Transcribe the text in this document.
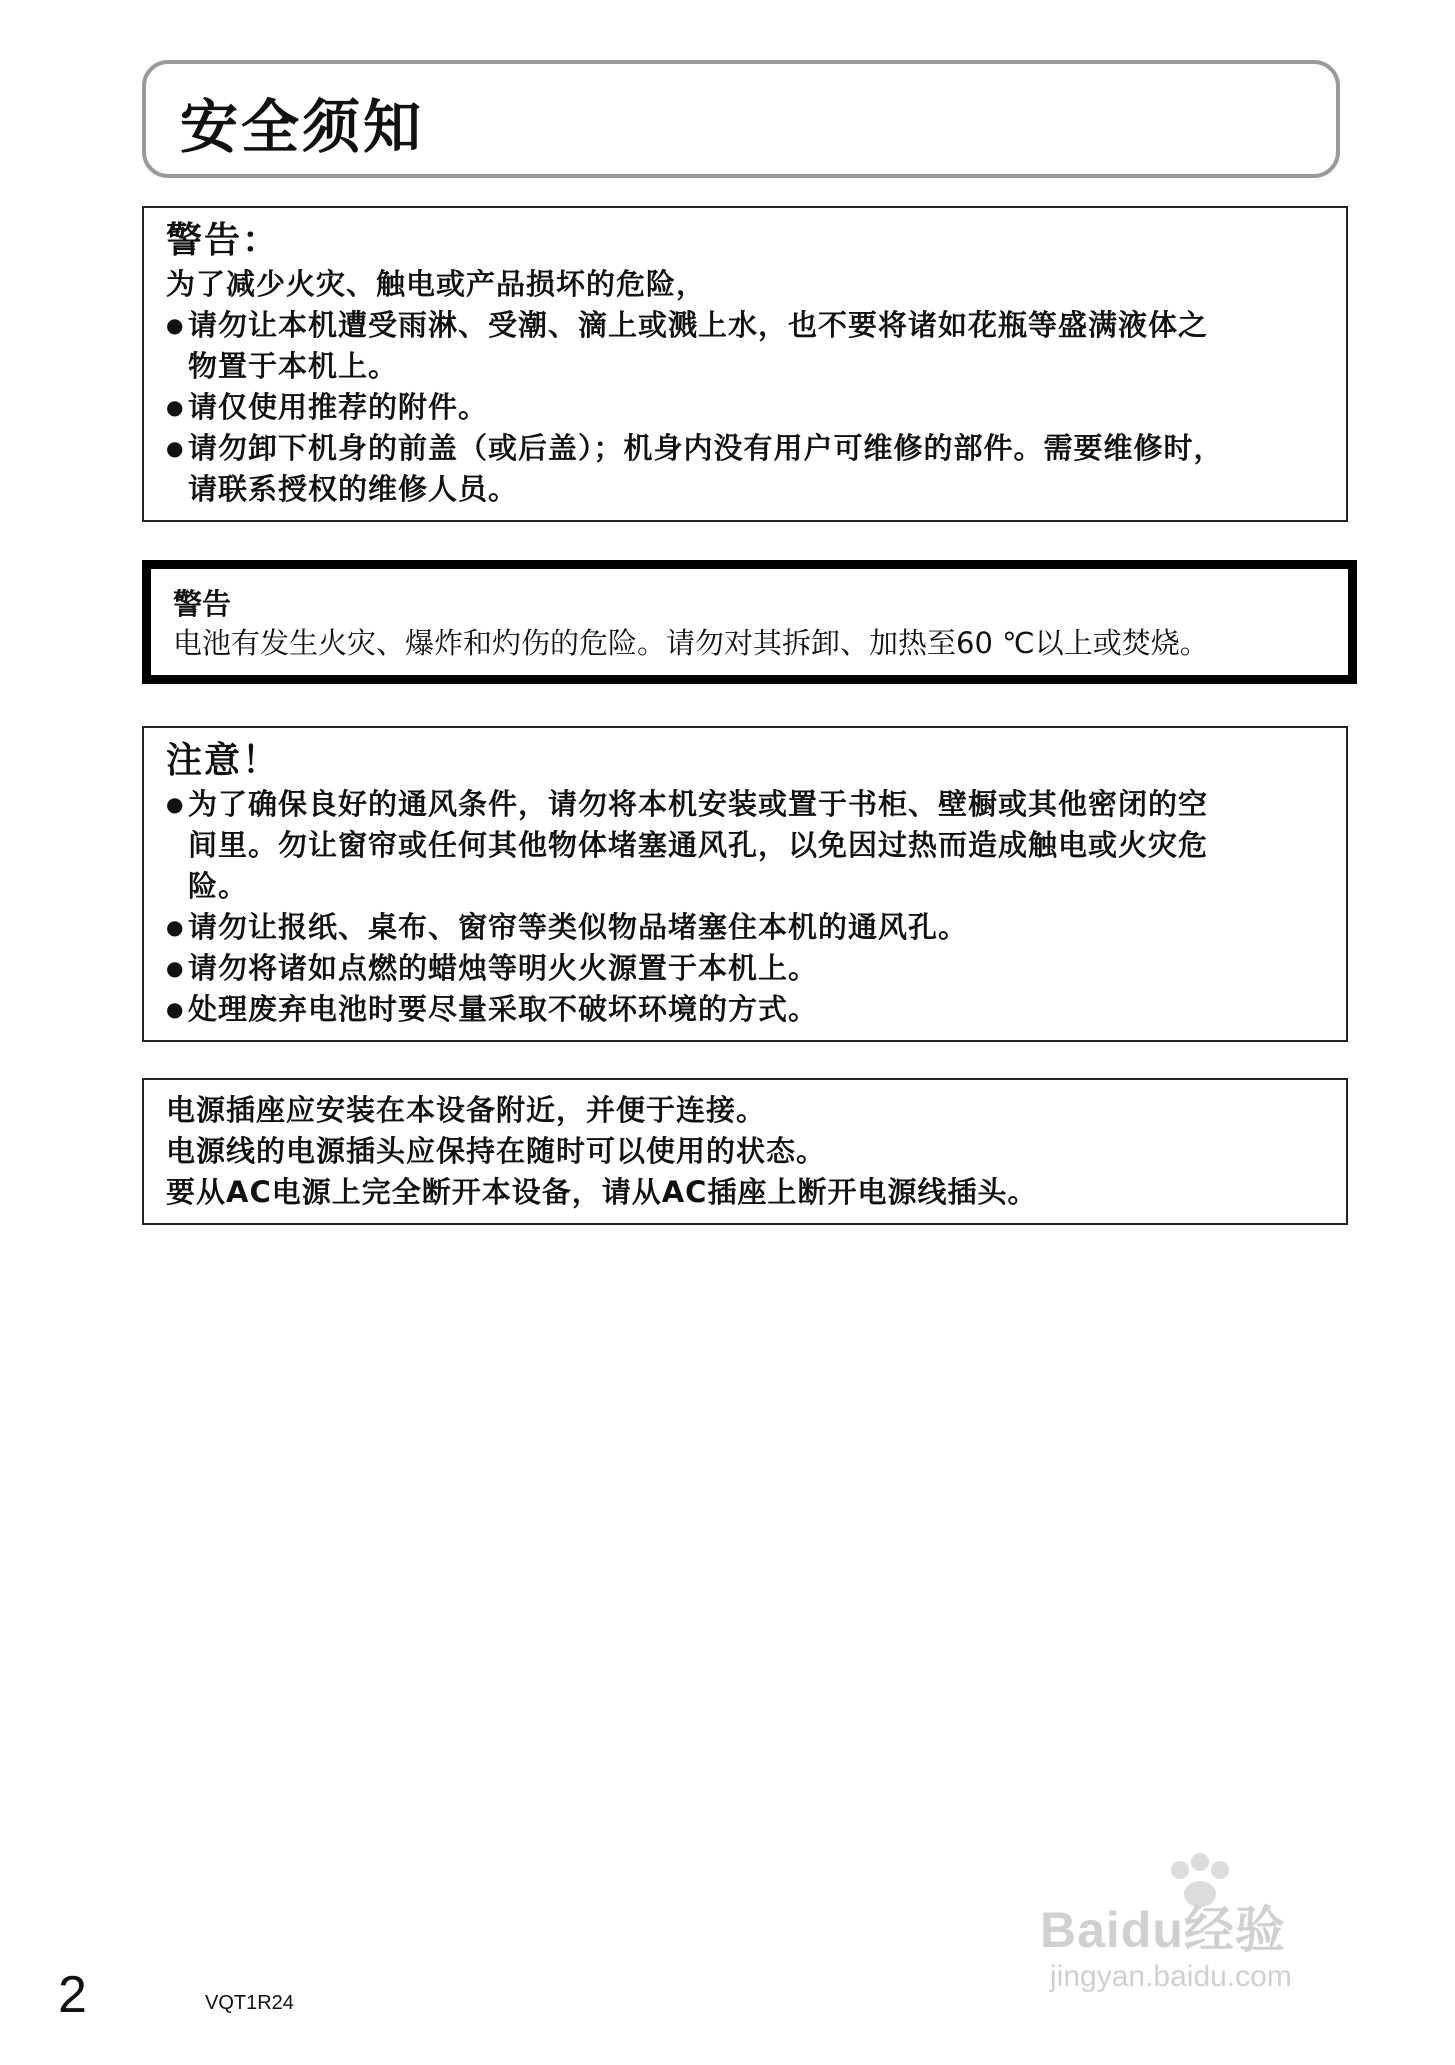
安全须知
警告：
为了减少火灾、触电或产品损坏的危险，
● 请勿让本机遭受雨淋、受潮、滴上或溅上水，也不要将诸如花瓶等盛满液体之
物置于本机上。
● 请仅使用推荐的附件。
● 请勿卸下机身的前盖（或后盖）；机身内没有用户可维修的部件。需要维修时，
请联系授权的维修人员。
警告
电池有发生火灾、爆炸和灼伤的危险。请勿对其拆卸、加热至60 ℃以上或焚烧。
注意！
● 为了确保良好的通风条件，请勿将本机安装或置于书柜、壁橱或其他密闭的空
间里。勿让窗帘或任何其他物体堵塞通风孔，以免因过热而造成触电或火灾危
险。
● 请勿让报纸、桌布、窗帘等类似物品堵塞住本机的通风孔。
● 请勿将诸如点燃的蜡烛等明火火源置于本机上。
● 处理废弃电池时要尽量采取不破坏环境的方式。
电源插座应安装在本设备附近，并便于连接。
电源线的电源插头应保持在随时可以使用的状态。
要从AC电源上完全断开本设备，请从AC插座上断开电源线插头。
Baidu经验
jingyan.baidu.com
2	VQT1R24
